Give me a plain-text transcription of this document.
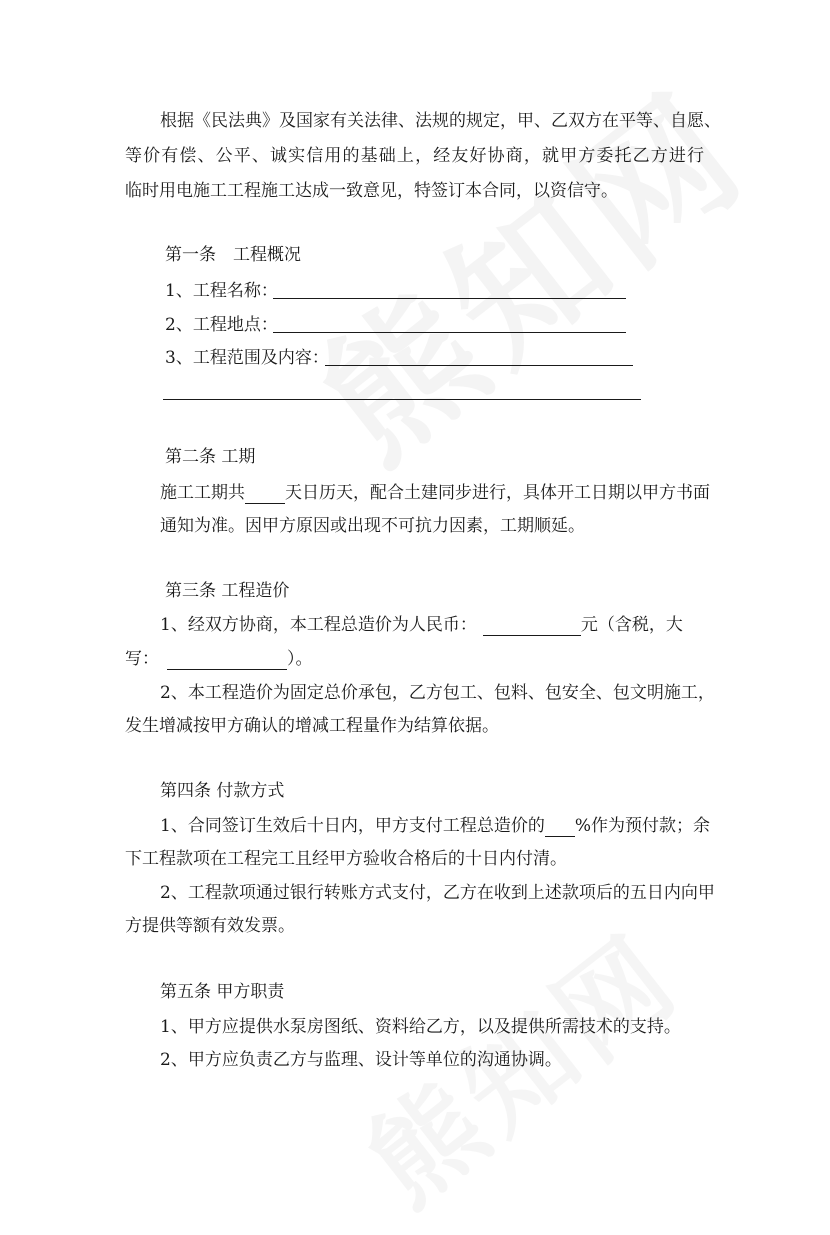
根据《民法典》及国家有关法律、法规的规定，甲、乙双方在平等、自愿、
等价有偿、公平、诚实信用的基础上，经友好协商，就甲方委托乙方进行
临时用电施工工程施工达成一致意见，特签订本合同，以资信守。
第一条　工程概况
1、工程名称：
2、工程地点：
3、工程范围及内容：
第二条 工期
施工工期共 天日历天，配合土建同步进行，具体开工日期以甲方书面
通知为准。因甲方原因或出现不可抗力因素，工期顺延。
第三条 工程造价
1、经双方协商，本工程总造价为人民币：	元（含税，大
写：	）。
2、本工程造价为固定总价承包，乙方包工、包料、包安全、包文明施工，
发生增减按甲方确认的增减工程量作为结算依据。
第四条 付款方式
1、合同签订生效后十日内，甲方支付工程总造价的 %作为预付款；余
下工程款项在工程完工且经甲方验收合格后的十日内付清。
2、工程款项通过银行转账方式支付，乙方在收到上述款项后的五日内向甲
方提供等额有效发票。
第五条 甲方职责
1、甲方应提供水泵房图纸、资料给乙方，以及提供所需技术的支持。
2、甲方应负责乙方与监理、设计等单位的沟通协调。
